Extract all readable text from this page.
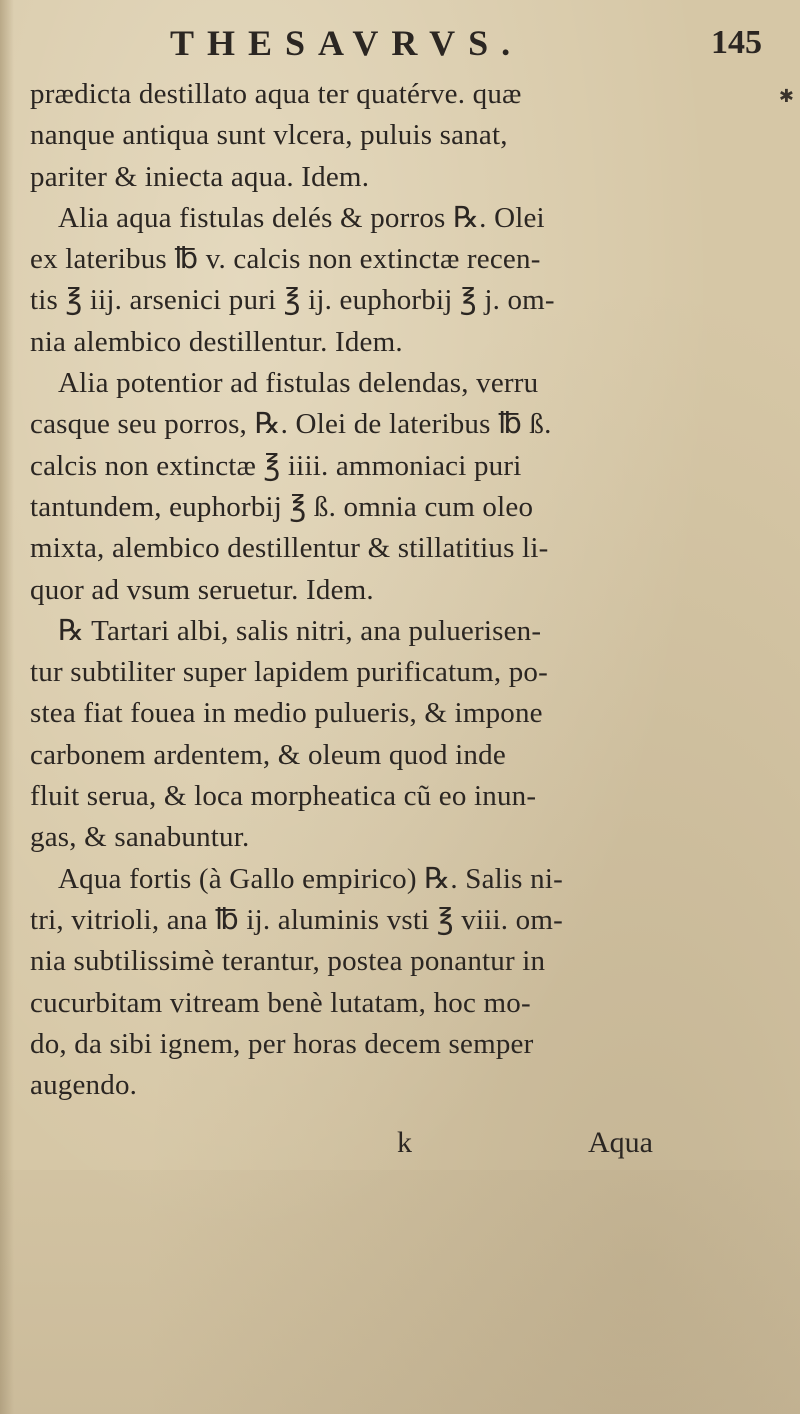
THESAVRVS.	145
✱
prædicta destillato aqua ter quatérve. quæ
nanque antiqua sunt vlcera, puluis sanat,
pariter & iniecta aqua. Idem.
Alia aqua fistulas delés & porros ℞. Olei
ex lateribus ℔ v. calcis non extinctæ recen-
tis ℥ iij. arsenici puri ℥ ij. euphorbij ℥ j. om-
nia alembico destillentur. Idem.
Alia potentior ad fistulas delendas, verru
casque seu porros, ℞. Olei de lateribus ℔ ß.
calcis non extinctæ ℥ iiii. ammoniaci puri
tantundem, euphorbij ℥ ß. omnia cum oleo
mixta, alembico destillentur & stillatitius li-
quor ad vsum seruetur. Idem.
℞ Tartari albi, salis nitri, ana puluerisen-
tur subtiliter super lapidem purificatum, po-
stea fiat fouea in medio pulueris, & impone
carbonem ardentem, & oleum quod inde
fluit serua, & loca morpheatica cũ eo inun-
gas, & sanabuntur.
Aqua fortis (à Gallo empirico) ℞. Salis ni-
tri, vitrioli, ana ℔ ij. aluminis vsti ℥ viii. om-
nia subtilissimè terantur, postea ponantur in
cucurbitam vitream benè lutatam, hoc mo-
do, da sibi ignem, per horas decem semper
augendo.
k	Aqua
